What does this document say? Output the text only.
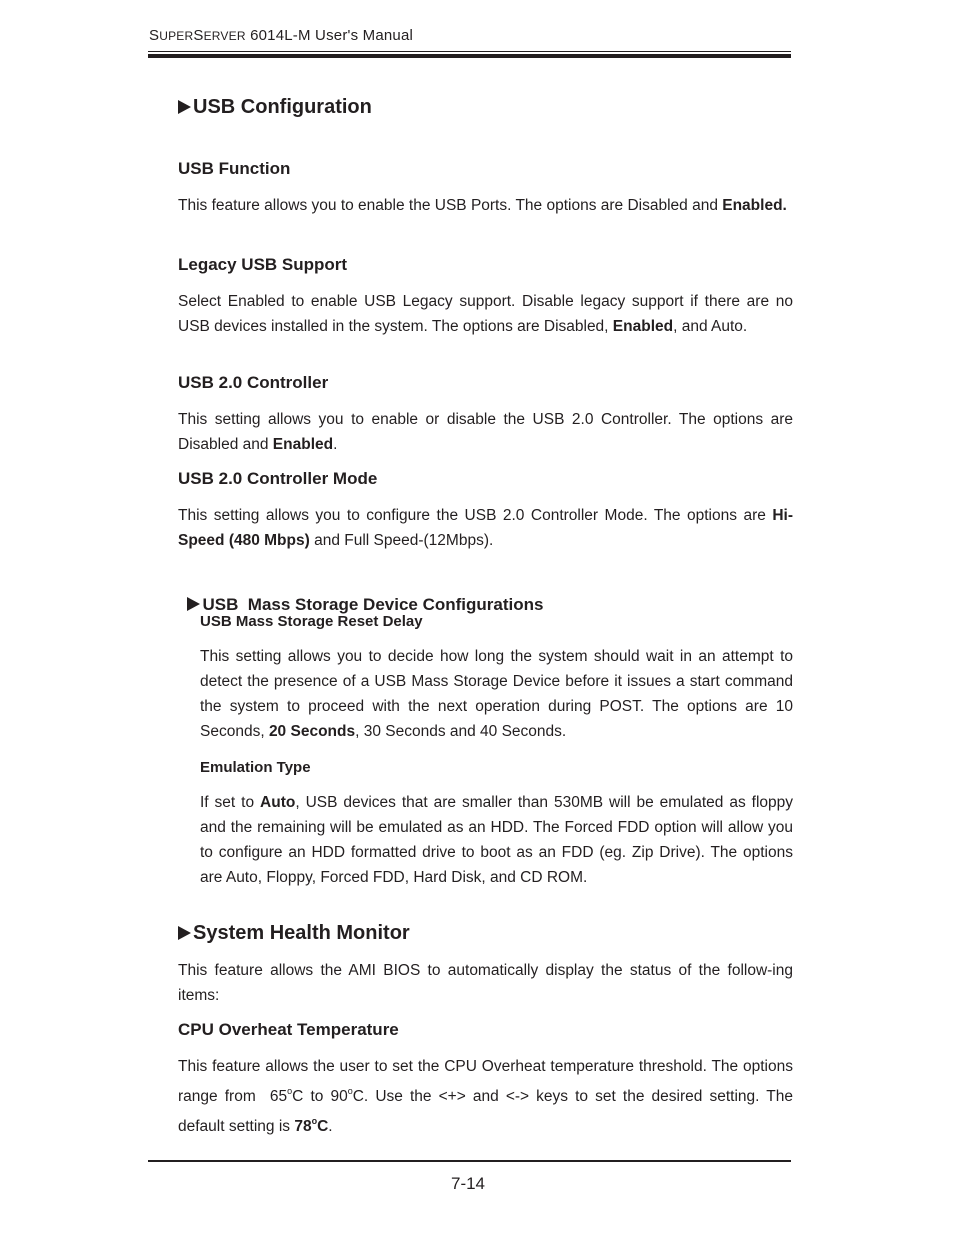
SUPERSERVER 6014L-M User's Manual
USB Configuration
USB Function

This feature allows you to enable the USB Ports. The options are Disabled and Enabled.

Legacy USB Support

Select Enabled to enable USB Legacy support. Disable legacy support if there are no USB devices installed in the system. The options are Disabled, Enabled, and Auto.

USB 2.0 Controller

This setting allows you to enable or disable the USB 2.0 Controller. The options are Disabled and Enabled.

USB 2.0 Controller Mode

This setting allows you to configure the USB 2.0 Controller Mode. The options are Hi-Speed (480 Mbps) and Full Speed-(12Mbps).

USB  Mass Storage Device Configurations

USB Mass Storage Reset Delay

This setting allows you to decide how long the system should wait in an attempt to detect the presence of a USB Mass Storage Device before it issues a start command the system to proceed with the next operation during POST. The options are 10 Seconds, 20 Seconds, 30 Seconds and 40 Seconds.

Emulation Type

If set to Auto, USB devices that are smaller than 530MB will be emulated as floppy and the remaining will be emulated as an HDD. The Forced FDD option will allow you to configure an HDD formatted drive to boot as an FDD (eg. Zip Drive). The options are Auto, Floppy, Forced FDD, Hard Disk, and CD ROM.

System Health Monitor

This feature allows the AMI BIOS to automatically display the status of the follow-ing items:

CPU Overheat Temperature

This feature allows the user to set the CPU Overheat temperature threshold. The options range from  65$^o$C to 90$^o$C. Use the <+> and <-> keys to set the desired setting. The default setting is 78$^o$C.

7-14
